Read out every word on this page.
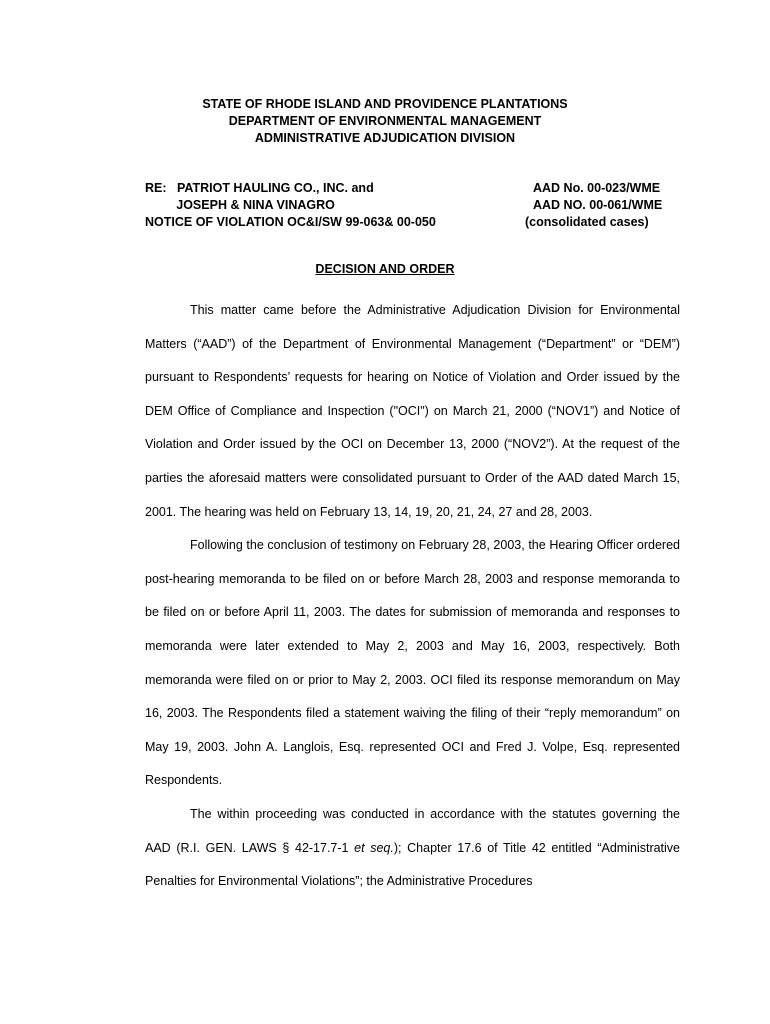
STATE OF RHODE ISLAND AND PROVIDENCE PLANTATIONS
DEPARTMENT OF ENVIRONMENTAL MANAGEMENT
ADMINISTRATIVE ADJUDICATION DIVISION
RE:   PATRIOT HAULING CO., INC. and	AAD No. 00-023/WME
JOSEPH & NINA VINAGRO	AAD NO. 00-061/WME
NOTICE OF VIOLATION OC&I/SW 99-063& 00-050	(consolidated cases)
DECISION AND ORDER

This matter came before the Administrative Adjudication Division for Environmental Matters (“AAD”) of the Department of Environmental Management (“Department” or “DEM”) pursuant to Respondents’ requests for hearing on Notice of Violation and Order issued by the DEM Office of Compliance and Inspection ("OCI") on March 21, 2000 (“NOV1”) and Notice of Violation and Order issued by the OCI on December 13, 2000 (“NOV2”). At the request of the parties the aforesaid matters were consolidated pursuant to Order of the AAD dated March 15, 2001. The hearing was held on February 13, 14, 19, 20, 21, 24, 27 and 28, 2003.

Following the conclusion of testimony on February 28, 2003, the Hearing Officer ordered post-hearing memoranda to be filed on or before March 28, 2003 and response memoranda to be filed on or before April 11, 2003. The dates for submission of memoranda and responses to memoranda were later extended to May 2, 2003 and May 16, 2003, respectively. Both memoranda were filed on or prior to May 2, 2003. OCI filed its response memorandum on May 16, 2003. The Respondents filed a statement waiving the filing of their “reply memorandum” on May 19, 2003. John A. Langlois, Esq. represented OCI and Fred J. Volpe, Esq. represented Respondents.

The within proceeding was conducted in accordance with the statutes governing the AAD (R.I. GEN. LAWS § 42-17.7-1 et seq.); Chapter 17.6 of Title 42 entitled “Administrative Penalties for Environmental Violations”; the Administrative Procedures
